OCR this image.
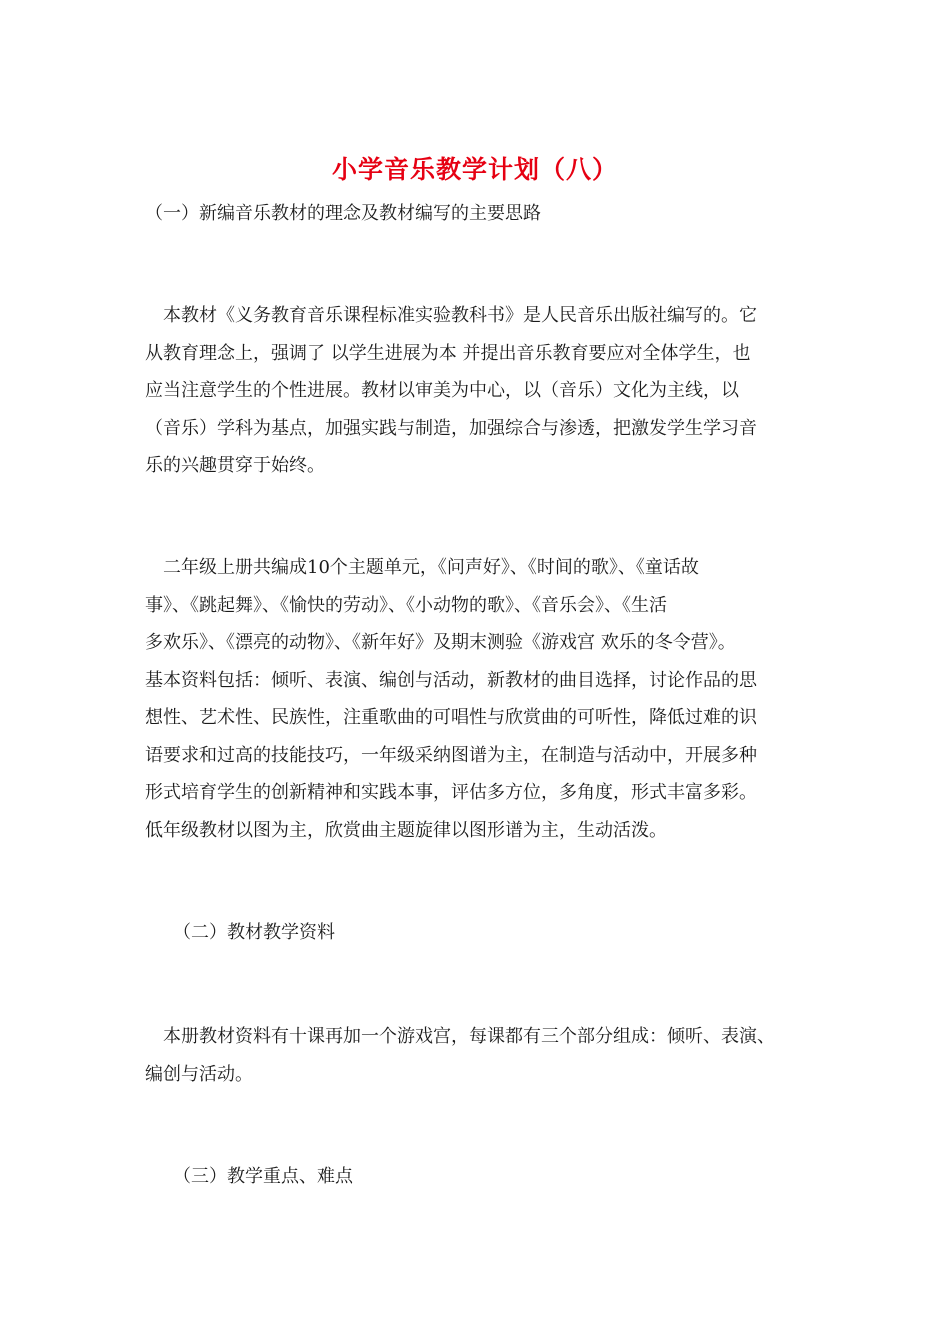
小学音乐教学计划（八）
（一）新编音乐教材的理念及教材编写的主要思路
　本教材《义务教育音乐课程标准实验教科书》是人民音乐出版社编写的。它
从教育理念上，强调了 以学生进展为本 并提出音乐教育要应对全体学生，也
应当注意学生的个性进展。教材以审美为中心，以（音乐）文化为主线，以
（音乐）学科为基点，加强实践与制造，加强综合与渗透，把激发学生学习音
乐的兴趣贯穿于始终。
　二年级上册共编成10个主题单元，《问声好》、《时间的歌》、《童话故
事》、《跳起舞》、《愉快的劳动》、《小动物的歌》、《音乐会》、《生活
多欢乐》、《漂亮的动物》、《新年好》及期末测验《游戏宫 欢乐的冬令营》。
基本资料包括：倾听、表演、编创与活动，新教材的曲目选择，讨论作品的思
想性、艺术性、民族性，注重歌曲的可唱性与欣赏曲的可听性，降低过难的识
语要求和过高的技能技巧，一年级采纳图谱为主，在制造与活动中，开展多种
形式培育学生的创新精神和实践本事，评估多方位，多角度，形式丰富多彩。
低年级教材以图为主，欣赏曲主题旋律以图形谱为主，生动活泼。
（二）教材教学资料
　本册教材资料有十课再加一个游戏宫，每课都有三个部分组成：倾听、表演、
编创与活动。
（三）教学重点、难点
